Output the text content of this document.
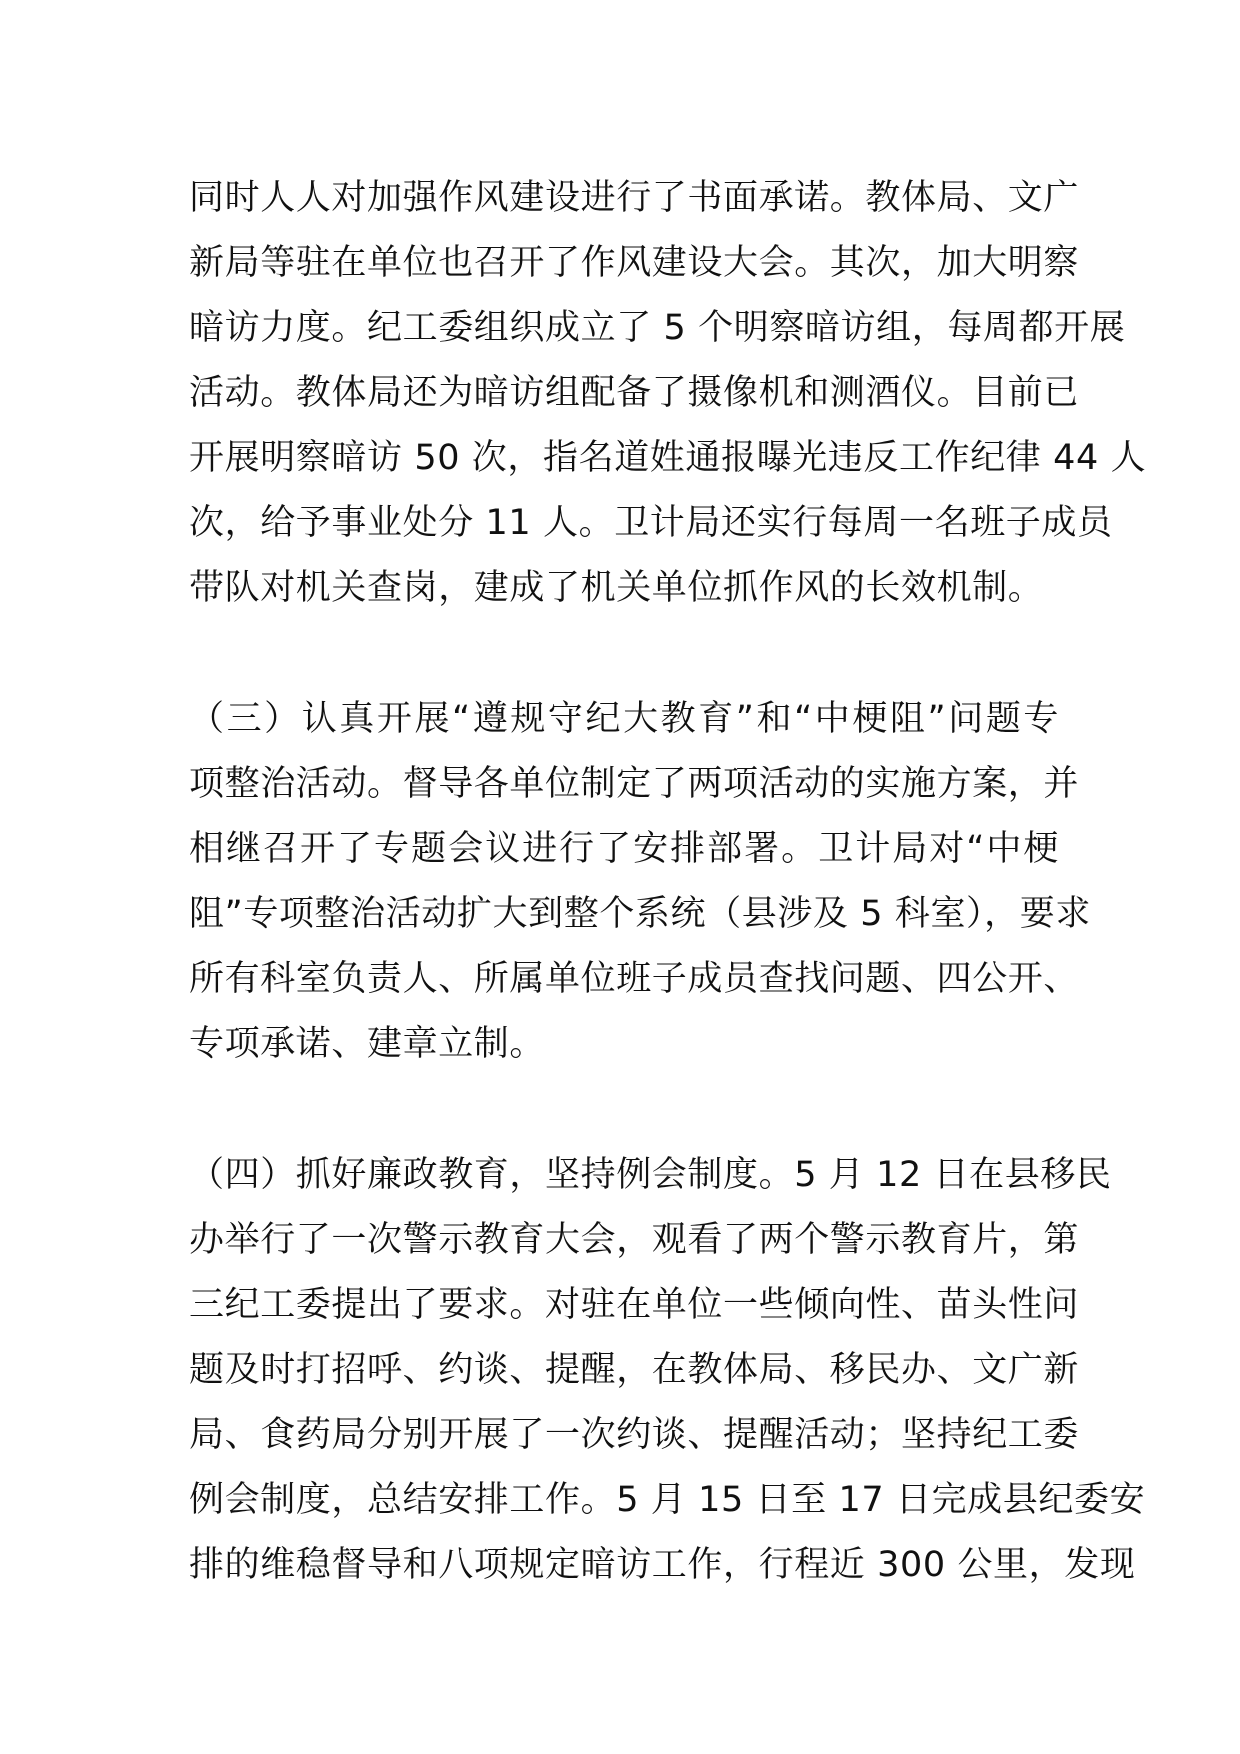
同时人人对加强作风建设进行了书面承诺。教体局、文广
新局等驻在单位也召开了作风建设大会。其次，加大明察
暗访力度。纪工委组织成立了 5 个明察暗访组，每周都开展
活动。教体局还为暗访组配备了摄像机和测酒仪。目前已
开展明察暗访 50 次，指名道姓通报曝光违反工作纪律 44 人
次，给予事业处分 11 人。卫计局还实行每周一名班子成员
带队对机关查岗，建成了机关单位抓作风的长效机制。
（三）认真开展“遵规守纪大教育”和“中梗阻”问题专
项整治活动。督导各单位制定了两项活动的实施方案，并
相继召开了专题会议进行了安排部署。卫计局对“中梗
阻”专项整治活动扩大到整个系统（县涉及 5 科室），要求
所有科室负责人、所属单位班子成员查找问题、四公开、
专项承诺、建章立制。
（四）抓好廉政教育，坚持例会制度。5 月 12 日在县移民
办举行了一次警示教育大会，观看了两个警示教育片，第
三纪工委提出了要求。对驻在单位一些倾向性、苗头性问
题及时打招呼、约谈、提醒，在教体局、移民办、文广新
局、食药局分别开展了一次约谈、提醒活动；坚持纪工委
例会制度，总结安排工作。5 月 15 日至 17 日完成县纪委安
排的维稳督导和八项规定暗访工作，行程近 300 公里，发现
